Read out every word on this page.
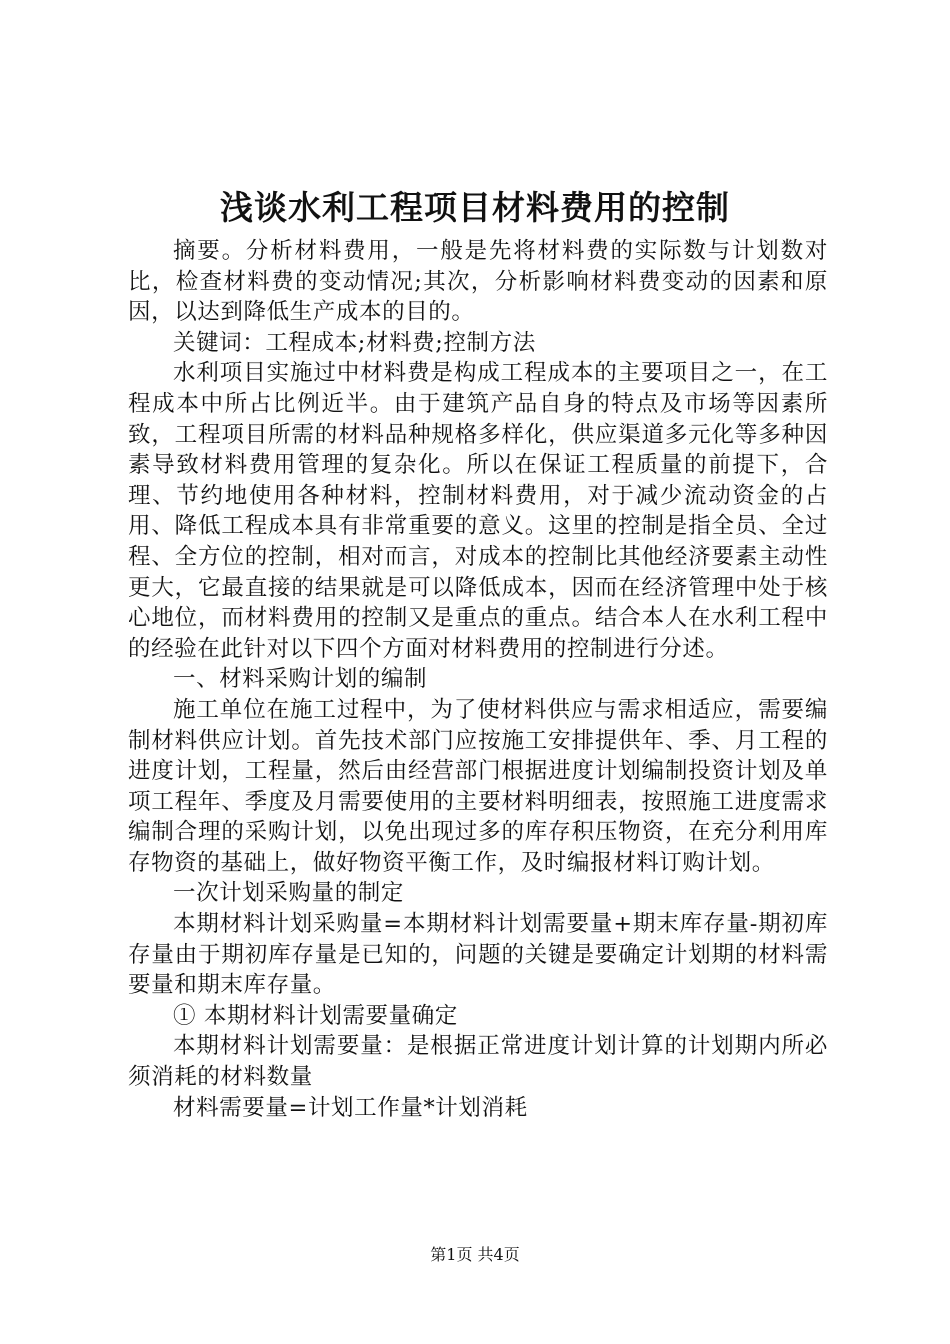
浅谈水利工程项目材料费用的控制

摘要。分析材料费用，一般是先将材料费的实际数与计划数对比，检查材料费的变动情况;其次，分析影响材料费变动的因素和原因，以达到降低生产成本的目的。

关键词：工程成本;材料费;控制方法

水利项目实施过中材料费是构成工程成本的主要项目之一，在工程成本中所占比例近半。由于建筑产品自身的特点及市场等因素所致，工程项目所需的材料品种规格多样化，供应渠道多元化等多种因素导致材料费用管理的复杂化。所以在保证工程质量的前提下，合理、节约地使用各种材料，控制材料费用，对于减少流动资金的占用、降低工程成本具有非常重要的意义。这里的控制是指全员、全过程、全方位的控制，相对而言，对成本的控制比其他经济要素主动性更大，它最直接的结果就是可以降低成本，因而在经济管理中处于核心地位，而材料费用的控制又是重点的重点。结合本人在水利工程中的经验在此针对以下四个方面对材料费用的控制进行分述。

一、材料采购计划的编制

施工单位在施工过程中，为了使材料供应与需求相适应，需要编制材料供应计划。首先技术部门应按施工安排提供年、季、月工程的进度计划，工程量，然后由经营部门根据进度计划编制投资计划及单项工程年、季度及月需要使用的主要材料明细表，按照施工进度需求编制合理的采购计划，以免出现过多的库存积压物资，在充分利用库存物资的基础上，做好物资平衡工作，及时编报材料订购计划。

一次计划采购量的制定

本期材料计划采购量=本期材料计划需要量+期末库存量-期初库存量由于期初库存量是已知的，问题的关键是要确定计划期的材料需要量和期末库存量。

① 本期材料计划需要量确定

本期材料计划需要量：是根据正常进度计划计算的计划期内所必须消耗的材料数量

材料需要量=计划工作量*计划消耗

第1页 共4页
